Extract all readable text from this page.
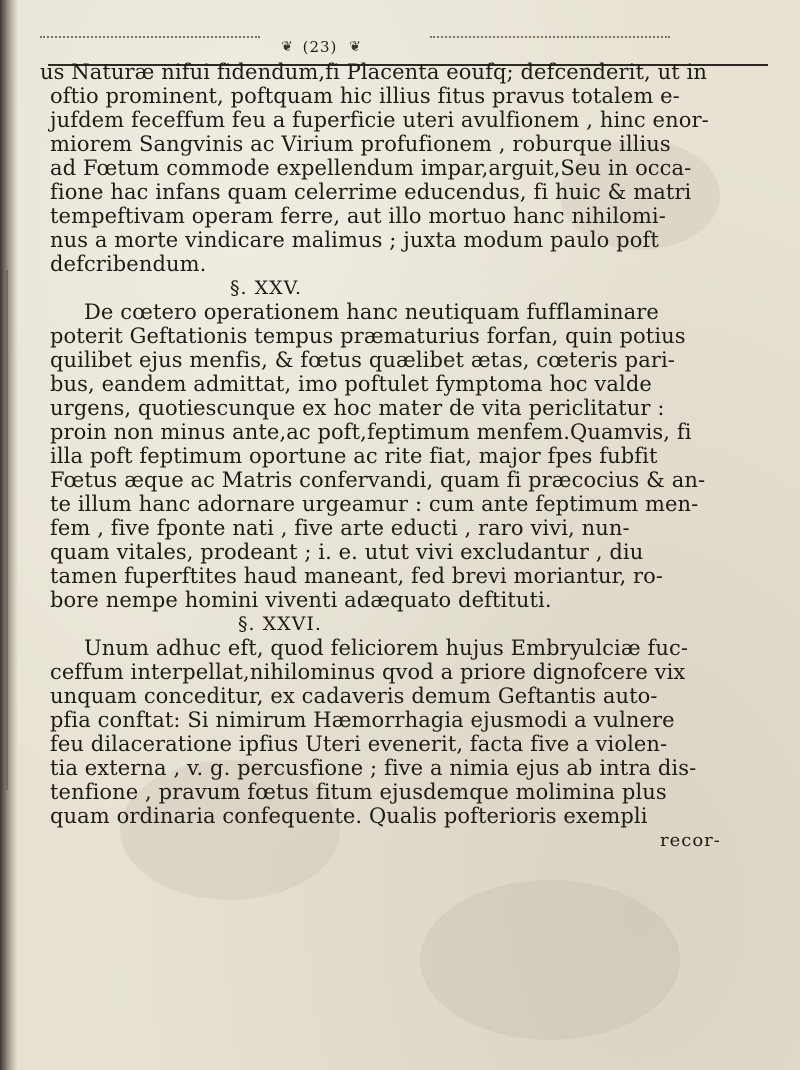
❦ (23) ❦
us Naturæ nifui fidendum,fi Placenta eoufq; defcenderit, ut in
oftio prominent, poftquam hic illius fitus pravus totalem e-
jufdem feceffum feu a fuperficie uteri avulfionem , hinc enor-
miorem Sangvinis ac Virium profufionem , roburque illius
ad Fœtum commode expellendum impar,arguit,Seu in occa-
fione hac infans quam celerrime educendus, fi huic & matri
tempeftivam operam ferre, aut illo mortuo hanc nihilomi-
nus a morte vindicare malimus ; juxta modum paulo poft
defcribendum.
§. XXV.
De cœtero operationem hanc neutiquam fufflaminare
poterit Geftationis tempus præmaturius forfan, quin potius
quilibet ejus menfis, & fœtus quælibet ætas, cœteris pari-
bus, eandem admittat, imo poftulet fymptoma hoc valde
urgens, quotiescunque ex hoc mater de vita periclitatur :
proin non minus ante,ac poft,feptimum menfem.Quamvis, fi
illa poft feptimum oportune ac rite fiat, major fpes fubfit
Fœtus æque ac Matris confervandi, quam fi præcocius & an-
te illum hanc adornare urgeamur : cum ante feptimum men-
fem , five fponte nati , five arte educti , raro vivi, nun-
quam vitales, prodeant ; i. e. utut vivi excludantur , diu
tamen fuperftites haud maneant, fed brevi moriantur, ro-
bore nempe homini viventi adæquato deftituti.
§. XXVI.
Unum adhuc eft, quod feliciorem hujus Embryulciæ fuc-
ceffum interpellat,nihilominus qvod a priore dignofcere vix
unquam conceditur, ex cadaveris demum Geftantis auto-
pfia conftat: Si nimirum Hæmorrhagia ejusmodi a vulnere
feu dilaceratione ipfius Uteri evenerit, facta five a violen-
tia externa , v. g. percusfione ; five a nimia ejus ab intra dis-
tenfione , pravum fœtus fitum ejusdemque molimina plus
quam ordinaria confequente. Qualis pofterioris exempli
recor-
